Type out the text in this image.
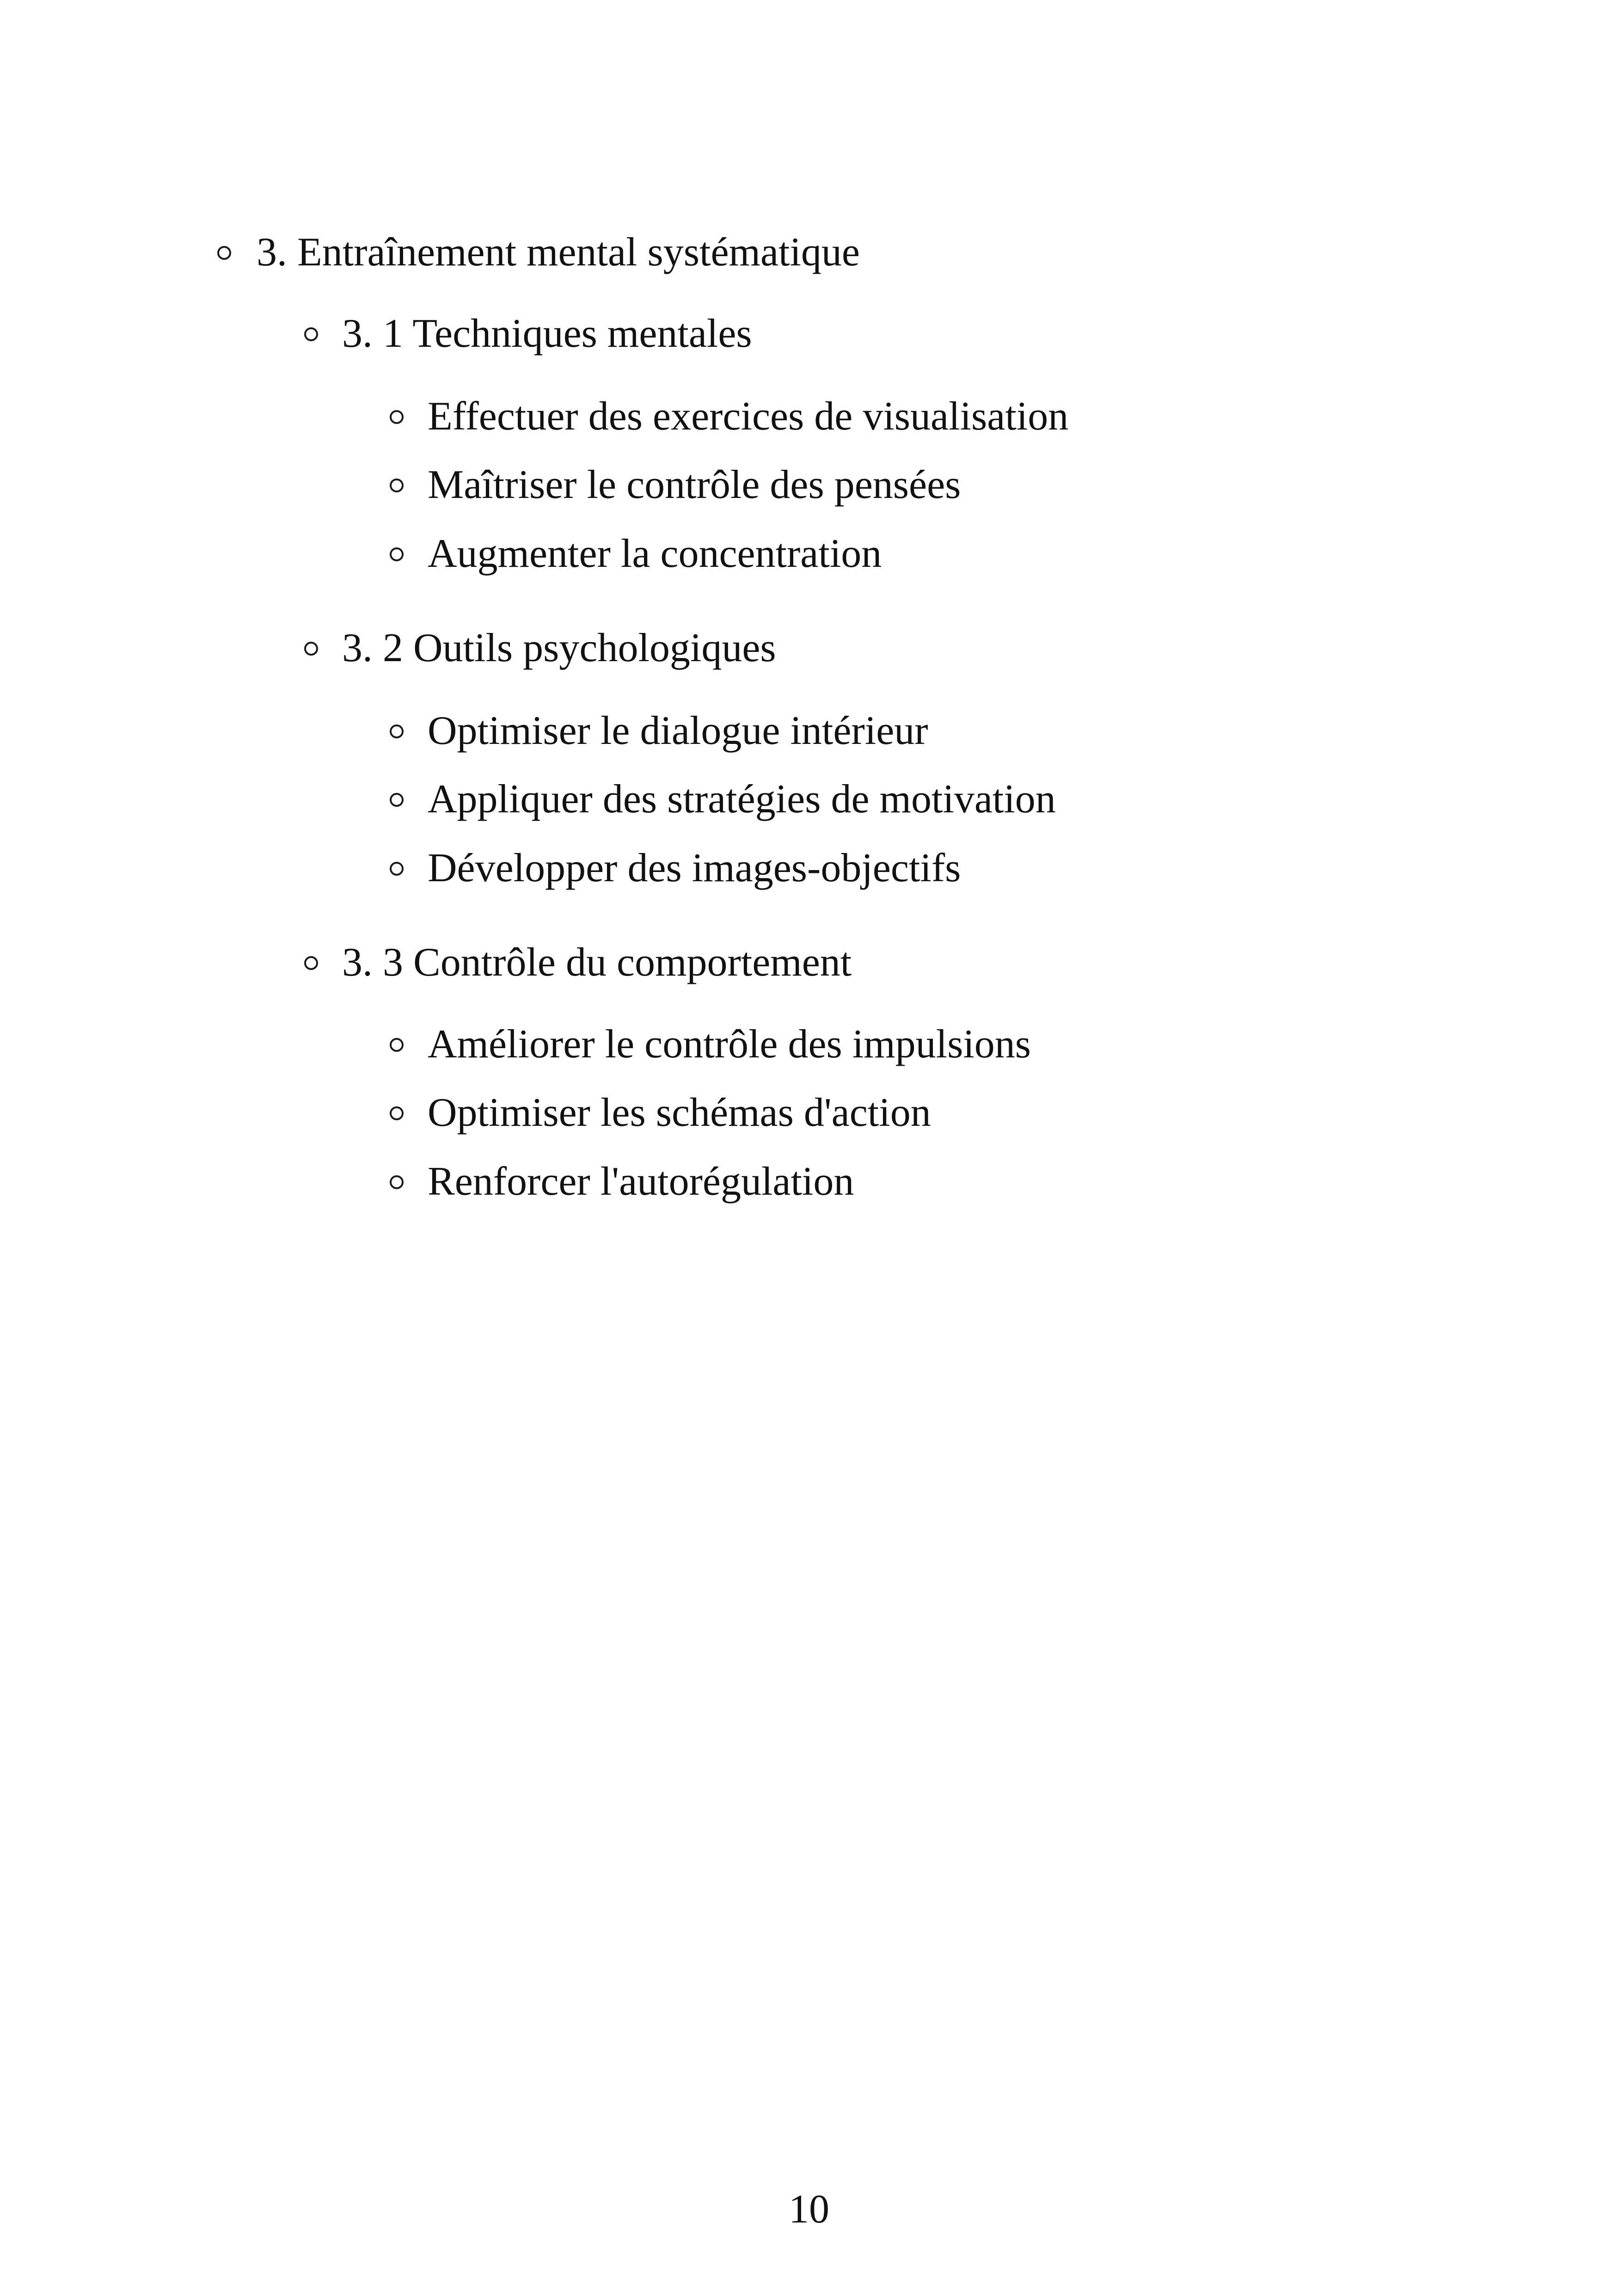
3. Entraînement mental systématique
3. 1 Techniques mentales
Effectuer des exercices de visualisation
Maîtriser le contrôle des pensées
Augmenter la concentration
3. 2 Outils psychologiques
Optimiser le dialogue intérieur
Appliquer des stratégies de motivation
Développer des images-objectifs
3. 3 Contrôle du comportement
Améliorer le contrôle des impulsions
Optimiser les schémas d'action
Renforcer l'autorégulation
10
